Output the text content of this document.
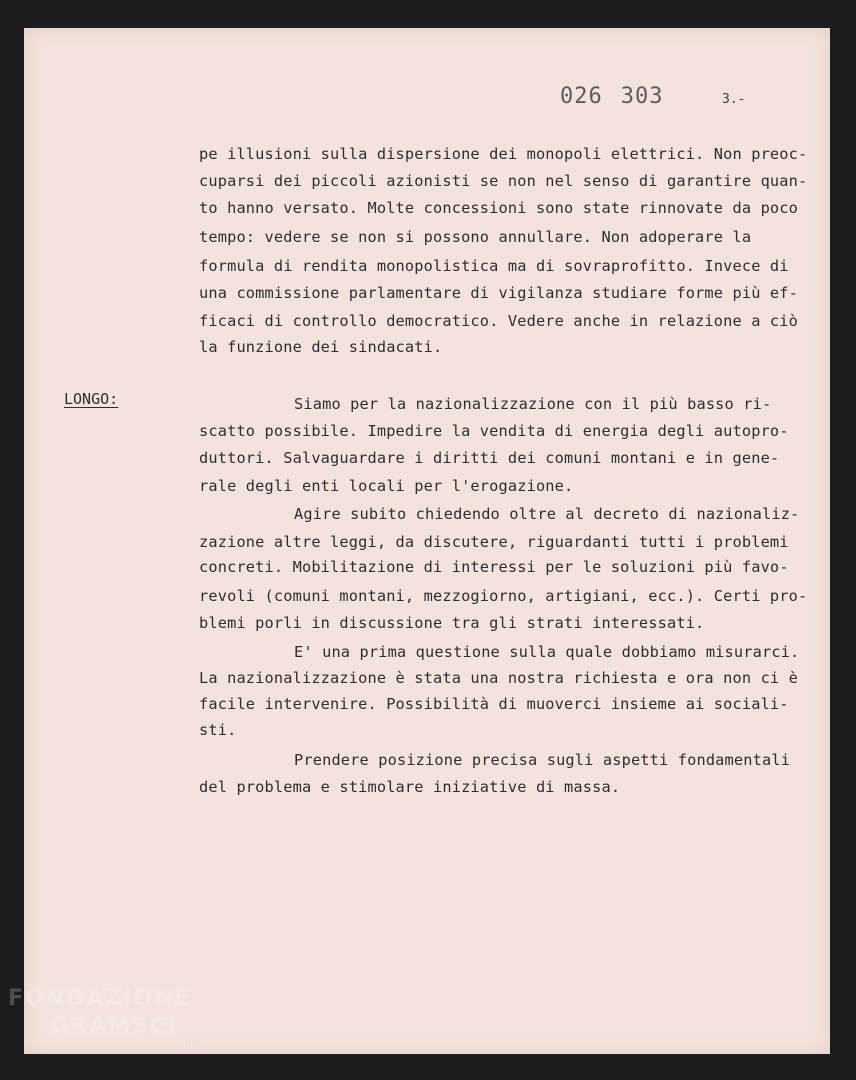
026 303	3.-
pe illusioni sulla dispersione dei monopoli elettrici. Non preoc-
cuparsi dei piccoli azionisti se non nel senso di garantire quan-
to hanno versato. Molte concessioni sono state rinnovate da poco
tempo: vedere se non si possono annullare. Non adoperare la
formula di rendita monopolistica ma di sovraprofitto. Invece di
una commissione parlamentare di vigilanza studiare forme più ef-
ficaci di controllo democratico. Vedere anche in relazione a ciò
la funzione dei sindacati.
LONGO:	Siamo per la nazionalizzazione con il più basso ri-
scatto possibile. Impedire la vendita di energia degli autopro-
duttori. Salvaguardare i diritti dei comuni montani e in gene-
rale degli enti locali per l'erogazione.
Agire subito chiedendo oltre al decreto di nazionaliz-
zazione altre leggi, da discutere, riguardanti tutti i problemi
concreti. Mobilitazione di interessi per le soluzioni più favo-
revoli (comuni montani, mezzogiorno, artigiani, ecc.). Certi pro-
blemi porli in discussione tra gli strati interessati.
E' una prima questione sulla quale dobbiamo misurarci.
La nazionalizzazione è stata una nostra richiesta e ora non ci è
facile intervenire. Possibilità di muoverci insieme ai sociali-
sti.
Prendere posizione precisa sugli aspetti fondamentali
del problema e stimolare iniziative di massa.
FONDAZIONE
GRAMSCI
ONLUS
